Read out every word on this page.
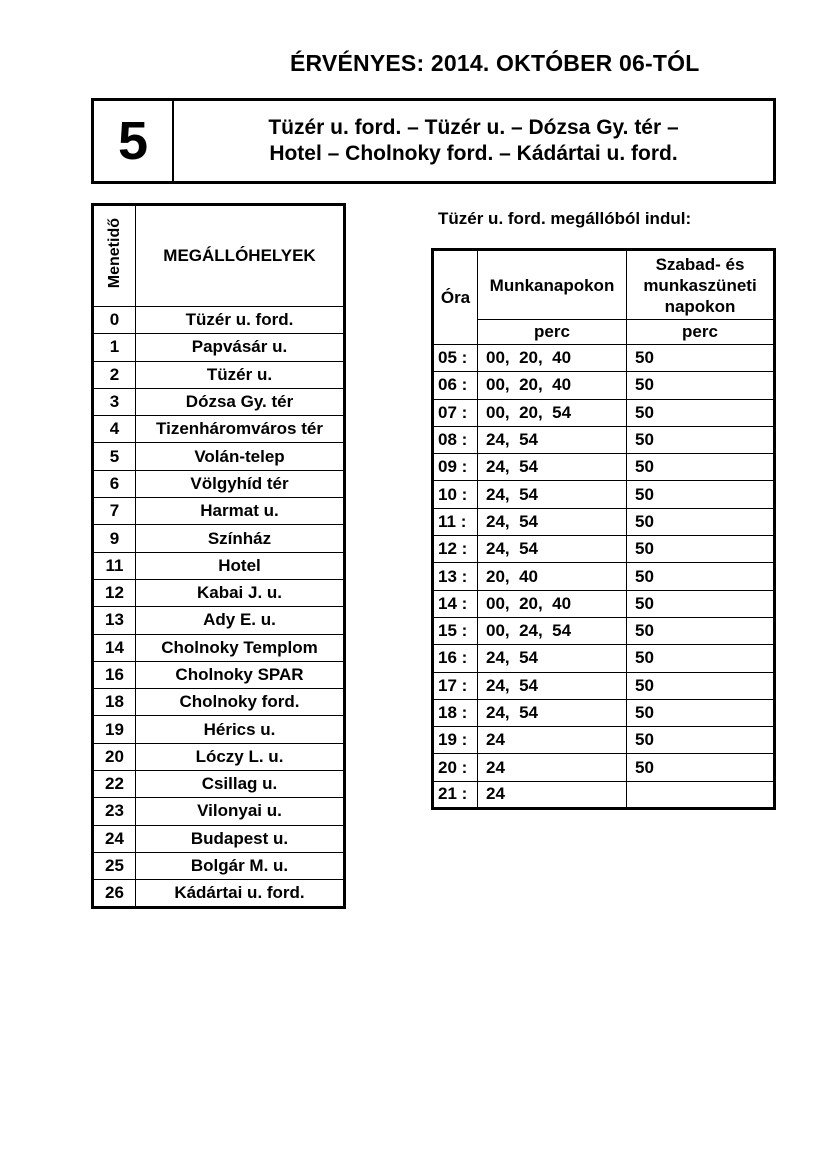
ÉRVÉNYES: 2014. OKTÓBER 06-TÓL
5	Tüzér u. ford. – Tüzér u. – Dózsa Gy. tér –
Hotel – Cholnoky ford. – Kádártai u. ford.
Menetidő	MEGÁLLÓHELYEK
0	Tüzér u. ford.
1	Papvásár u.
2	Tüzér u.
3	Dózsa Gy. tér
4	Tizenháromváros tér
5	Volán-telep
6	Völgyhíd tér
7	Harmat u.
9	Színház
11	Hotel
12	Kabai J. u.
13	Ady E. u.
14	Cholnoky Templom
16	Cholnoky SPAR
18	Cholnoky ford.
19	Hérics u.
20	Lóczy L. u.
22	Csillag u.
23	Vilonyai u.
24	Budapest u.
25	Bolgár M. u.
26	Kádártai u. ford.
Tüzér u. ford. megállóból indul:
Óra	Munkanapokon	Szabad- és
munkaszüneti
napokon

	perc	perc
05 :	00,  20,  40	50
06 :	00,  20,  40	50
07 :	00,  20,  54	50
08 :	24,  54	50
09 :	24,  54	50
10 :	24,  54	50
11 :	24,  54	50
12 :	24,  54	50
13 :	20,  40	50
14 :	00,  20,  40	50
15 :	00,  24,  54	50
16 :	24,  54	50
17 :	24,  54	50
18 :	24,  54	50
19 :	24	50
20 :	24	50
21 :	24	
